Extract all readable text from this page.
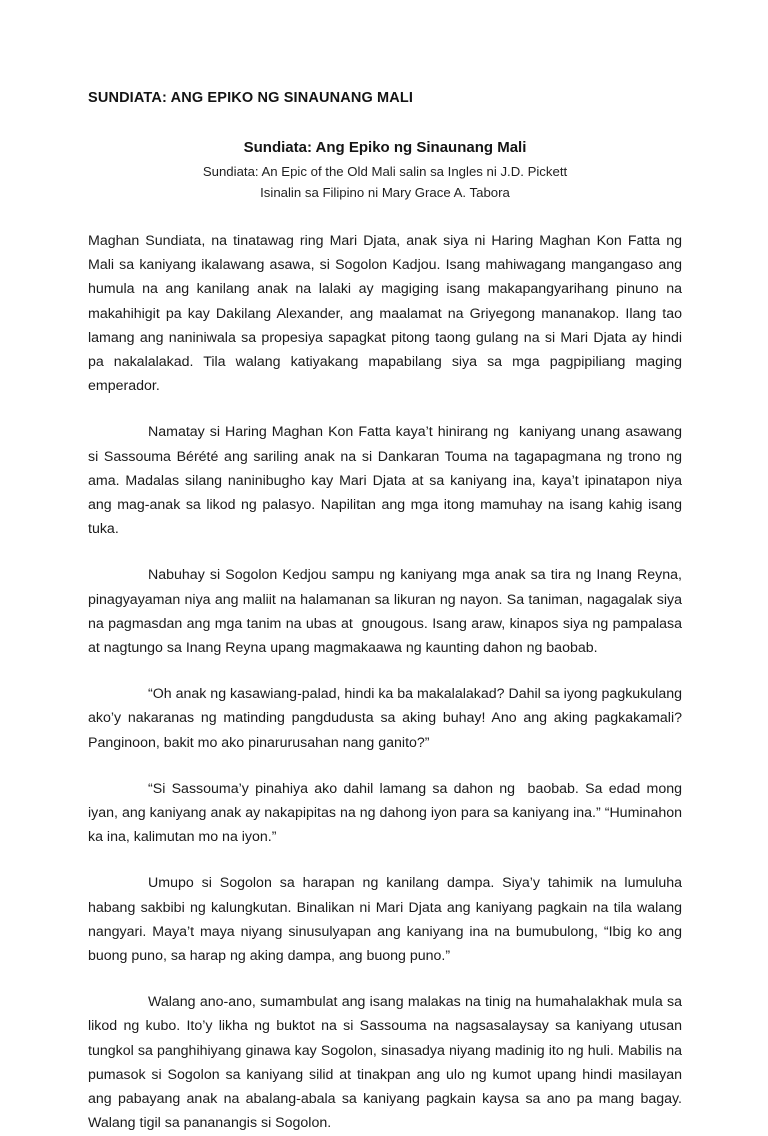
SUNDIATA: ANG EPIKO NG SINAUNANG MALI
Sundiata: Ang Epiko ng Sinaunang Mali
Sundiata: An Epic of the Old Mali salin sa Ingles ni J.D. Pickett
Isinalin sa Filipino ni Mary Grace A. Tabora

Maghan Sundiata, na tinatawag ring Mari Djata, anak siya ni Haring Maghan Kon Fatta ng Mali sa kaniyang ikalawang asawa, si Sogolon Kadjou. Isang mahiwagang mangangaso ang humula na ang kanilang anak na lalaki ay magiging isang makapangyarihang pinuno na makahihigit pa kay Dakilang Alexander, ang maalamat na Griyegong mananakop. Ilang tao lamang ang naniniwala sa propesiya sapagkat pitong taong gulang na si Mari Djata ay hindi pa nakalalakad. Tila walang katiyakang mapabilang siya sa mga pagpipiliang maging emperador.

Namatay si Haring Maghan Kon Fatta kaya’t hinirang ng  kaniyang unang asawang si Sassouma Bérété ang sariling anak na si Dankaran Touma na tagapagmana ng trono ng ama. Madalas silang naninibugho kay Mari Djata at sa kaniyang ina, kaya’t ipinatapon niya ang mag-anak sa likod ng palasyo. Napilitan ang mga itong mamuhay na isang kahig isang tuka.

Nabuhay si Sogolon Kedjou sampu ng kaniyang mga anak sa tira ng Inang Reyna, pinagyayaman niya ang maliit na halamanan sa likuran ng nayon. Sa taniman, nagagalak siya na pagmasdan ang mga tanim na ubas at  gnougous. Isang araw, kinapos siya ng pampalasa at nagtungo sa Inang Reyna upang magmakaawa ng kaunting dahon ng baobab.

“Oh anak ng kasawiang-palad, hindi ka ba makalalakad? Dahil sa iyong pagkukulang ako’y nakaranas ng matinding pangdudusta sa aking buhay! Ano ang aking pagkakamali? Panginoon, bakit mo ako pinarurusahan nang ganito?”

“Si Sassouma’y pinahiya ako dahil lamang sa dahon ng  baobab. Sa edad mong iyan, ang kaniyang anak ay nakapipitas na ng dahong iyon para sa kaniyang ina.” “Huminahon ka ina, kalimutan mo na iyon.”

Umupo si Sogolon sa harapan ng kanilang dampa. Siya’y tahimik na lumuluha habang sakbibi ng kalungkutan. Binalikan ni Mari Djata ang kaniyang pagkain na tila walang nangyari. Maya’t maya niyang sinusulyapan ang kaniyang ina na bumubulong, “Ibig ko ang buong puno, sa harap ng aking dampa, ang buong puno.”

Walang ano-ano, sumambulat ang isang malakas na tinig na humahalakhak mula sa likod ng kubo. Ito’y likha ng buktot na si Sassouma na nagsasalaysay sa kaniyang utusan tungkol sa panghihiyang ginawa kay Sogolon, sinasadya niyang madinig ito ng huli. Mabilis na pumasok si Sogolon sa kaniyang silid at tinakpan ang ulo ng kumot upang hindi masilayan ang pabayang anak na abalang-abala sa kaniyang pagkain kaysa sa ano pa mang bagay. Walang tigil sa pananangis si Sogolon.
